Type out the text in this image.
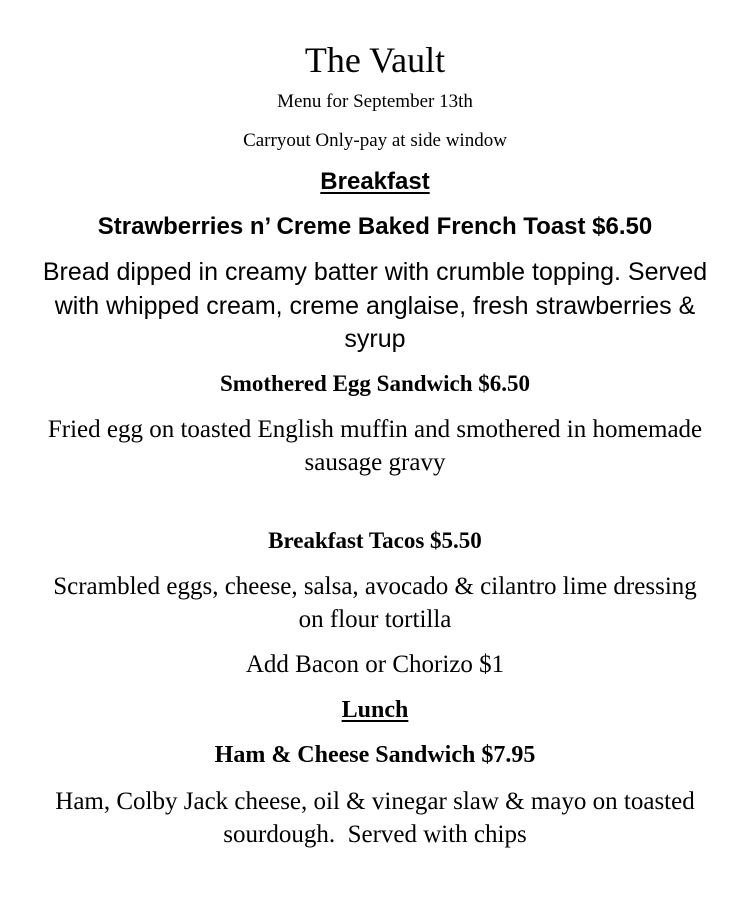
The Vault

Menu for September 13th

Carryout Only-pay at side window

Breakfast

Strawberries n’ Creme Baked French Toast $6.50

Bread dipped in creamy batter with crumble topping. Served with whipped cream, creme anglaise, fresh strawberries & syrup

Smothered Egg Sandwich $6.50

Fried egg on toasted English muffin and smothered in homemade sausage gravy

Breakfast Tacos $5.50

Scrambled eggs, cheese, salsa, avocado & cilantro lime dressing on flour tortilla

Add Bacon or Chorizo $1

Lunch

Ham & Cheese Sandwich $7.95

Ham, Colby Jack cheese, oil & vinegar slaw & mayo on toasted sourdough.  Served with chips
